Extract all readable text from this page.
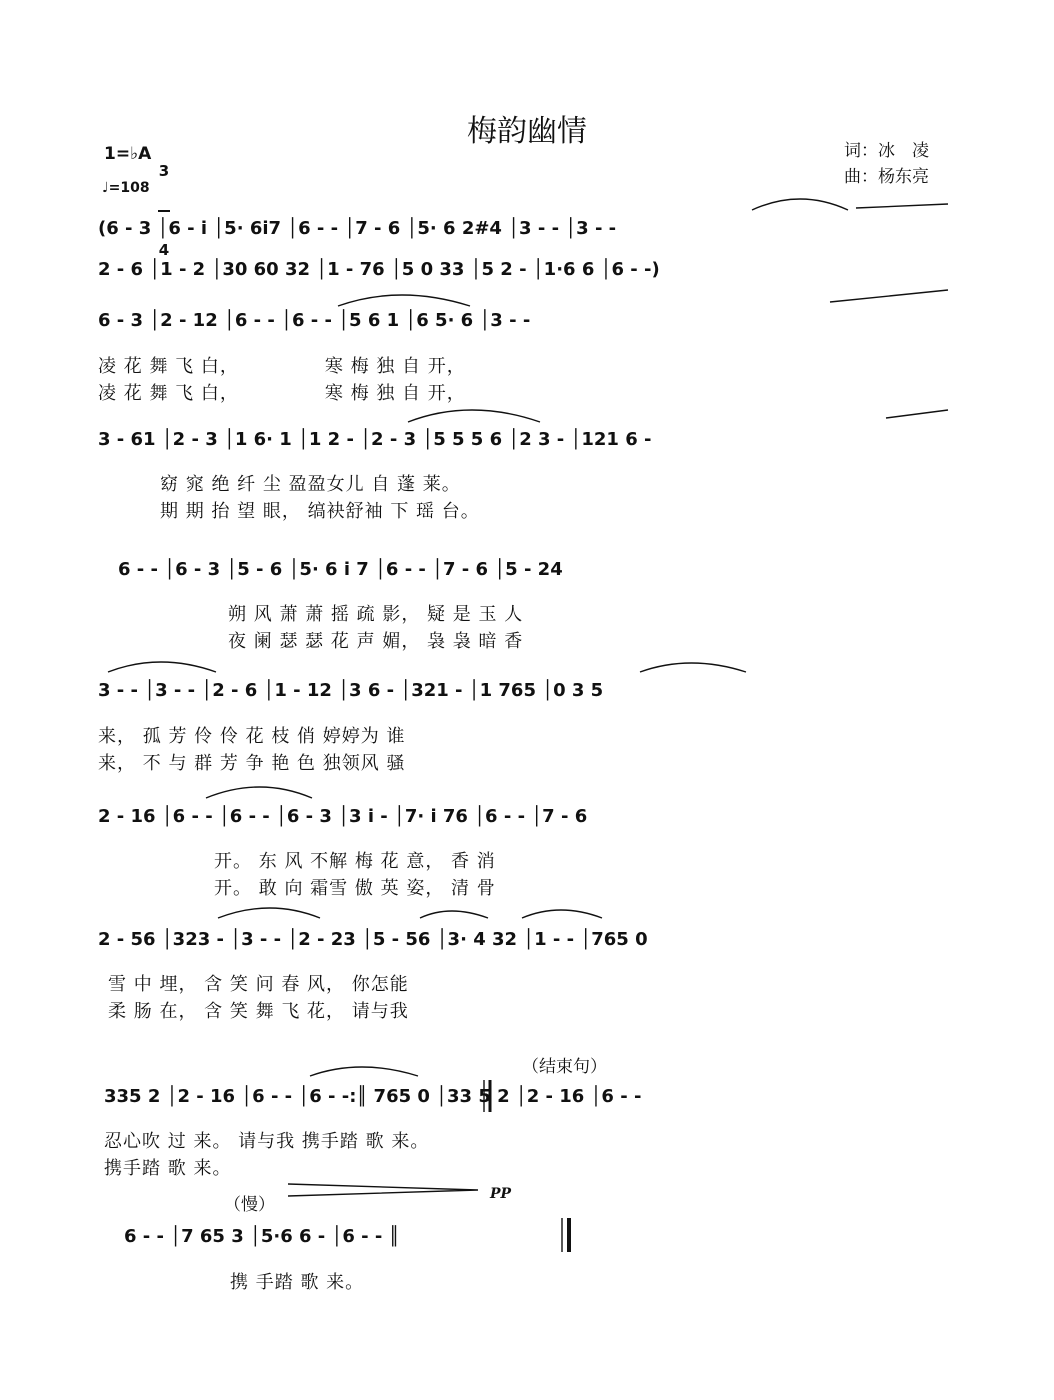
梅韵幽情
1=♭A

3

4

♩=108
词：冰　凌
曲：杨东亮
(6 - 3 │6 - i │5· 6i7 │6 - - │7 - 6 │5· 6 2#4 │3 - - │3 - -
2 - 6 │1 - 2 │30 60 32 │1 - 76 │5 0 33 │5 2 - │1·6 6 │6 - -)
6 - 3 │2 - 12 │6 - - │6 - - │5 6 1 │6 5· 6 │3 - -
凌 花 舞 飞 白，　　　　　寒 梅 独 自 开，
凌 花 舞 飞 白，　　　　　寒 梅 独 自 开，
3 - 61 │2 - 3 │1 6· 1 │1 2 - │2 - 3 │5 5 5 6 │2 3 - │121 6 -
窈 窕 绝 纤 尘 盈盈女儿 自 蓬 莱。
期 期 抬 望 眼， 缟袂舒袖 下 瑶 台。
6 - - │6 - 3 │5 - 6 │5· 6 i 7 │6 - - │7 - 6 │5 - 24
朔 风 萧 萧 摇 疏 影， 疑 是 玉 人
夜 阑 瑟 瑟 花 声 媚， 袅 袅 暗 香
3 - - │3 - - │2 - 6 │1 - 12 │3 6 - │321 - │1 765 │0 3 5
来， 孤 芳 伶 伶 花 枝 俏 婷婷为 谁
来， 不 与 群 芳 争 艳 色 独领风 骚
2 - 16 │6 - - │6 - - │6 - 3 │3 i - │7· i 76 │6 - - │7 - 6
开。 东 风 不解 梅 花 意， 香 消
开。 敢 向 霜雪 傲 英 姿， 清 骨
2 - 56 │323 - │3 - - │2 - 23 │5 - 56 │3· 4 32 │1 - - │765 0
雪 中 埋， 含 笑 问 春 风， 你怎能
柔 肠 在， 含 笑 舞 飞 花， 请与我
（结束句）
335 2 │2 - 16 │6 - - │6 - -:║ 765 0 │33 5 2 │2 - 16 │6 - -
忍心吹 过 来。 请与我 携手踏 歌 来。
携手踏 歌 来。
（慢）
PP
6 - - │7 65 3 │5·6 6 - │6 - - ║
携 手踏 歌 来。
